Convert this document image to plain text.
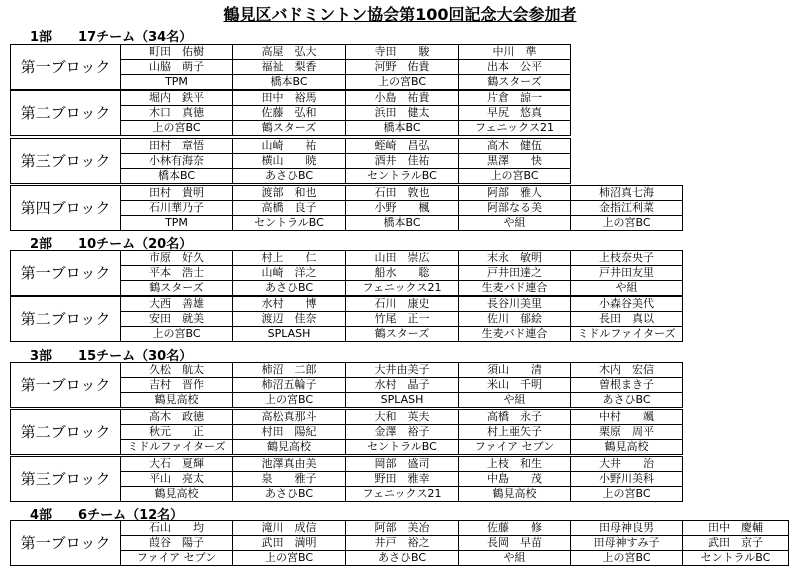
鶴見区バドミントン協会第100回記念大会参加者
1部　　17チーム（34名）
第一ブロック	町田　佑樹	高屋　弘大	寺田　　駿	中川　準
	山脇　萌子	福祉　梨香	河野　佑貴	出本　公平
	TPM	橋本BC	上の宮BC	鶴スターズ
第二ブロック	堀内　鉄平	田中　裕馬	小島　祐貴	片倉　諒一
	木口　真徳	佐藤　弘和	浜田　健太	早尻　悠真
	上の宮BC	鶴スターズ	橋本BC	フェニックス21
第三ブロック	田村　章悟	山崎　　祐	蛭崎　昌弘	高木　健伍
	小林有海奈	横山　　暁	酒井　佳祐	黒澤　　快
	橋本BC	あさひBC	セントラルBC	上の宮BC
第四ブロック	田村　貴明	渡部　和也	石田　敦也	阿部　雅人	柿沼真七海
	石川華乃子	高橋　良子	小野　　楓	阿部なる美	金指江利菜
	TPM	セントラルBC	橋本BC	や組	上の宮BC
2部　　10チーム（20名）
第一ブロック	市原　好久	村上　　仁	山田　崇広	末永　敏明	上枝奈央子
	平本　浩士	山崎　洋之	船水　　聡	戸井田達之	戸井田友里
	鶴スターズ	あさひBC	フェニックス21	生麦バド連合	や組
第二ブロック	大西　善雄	水村　　博	石川　康史	長谷川美里	小森谷美代
	安田　就美	渡辺　佳奈	竹尾　正一	佐川　郁絵	長田　真以
	上の宮BC	SPLASH	鶴スターズ	生麦バド連合	ミドルファイターズ
3部　　15チーム（30名）
第一ブロック	久松　航太	柿沼　二郎	大井由美子	須山　　清	木内　宏信
	吉村　晋作	柿沼五輪子	水村　晶子	米山　千明	曽根まき子
	鶴見高校	上の宮BC	SPLASH	や組	あさひBC
第二ブロック	高木　政徳	高松真那斗	大和　英夫	高橋　永子	中村　　颯
	秋元　　正	村田　陽紀	金澤　裕子	村上亜矢子	栗原　周平
	ミドルファイターズ	鶴見高校	セントラルBC	ファイア セブン	鶴見高校
第三ブロック	大石　夏輝	池澤真由美	岡部　盛司	上枝　和生	大井　　治
	平山　亮太	泉　　雅子	野田　雅幸	中島　　茂	小野川美科
	鶴見高校	あさひBC	フェニックス21	鶴見高校	上の宮BC
4部　　6チーム（12名）
第一ブロック	石山　　均	滝川　成信	阿部　美冶	佐藤　　修	田母神良男	田中　慶輔
	葭谷　陽子	武田　満明	井戸　裕之	長岡　早苗	田母神すみ子	武田　京子
	ファイア セブン	上の宮BC	あさひBC	や組	上の宮BC	セントラルBC
